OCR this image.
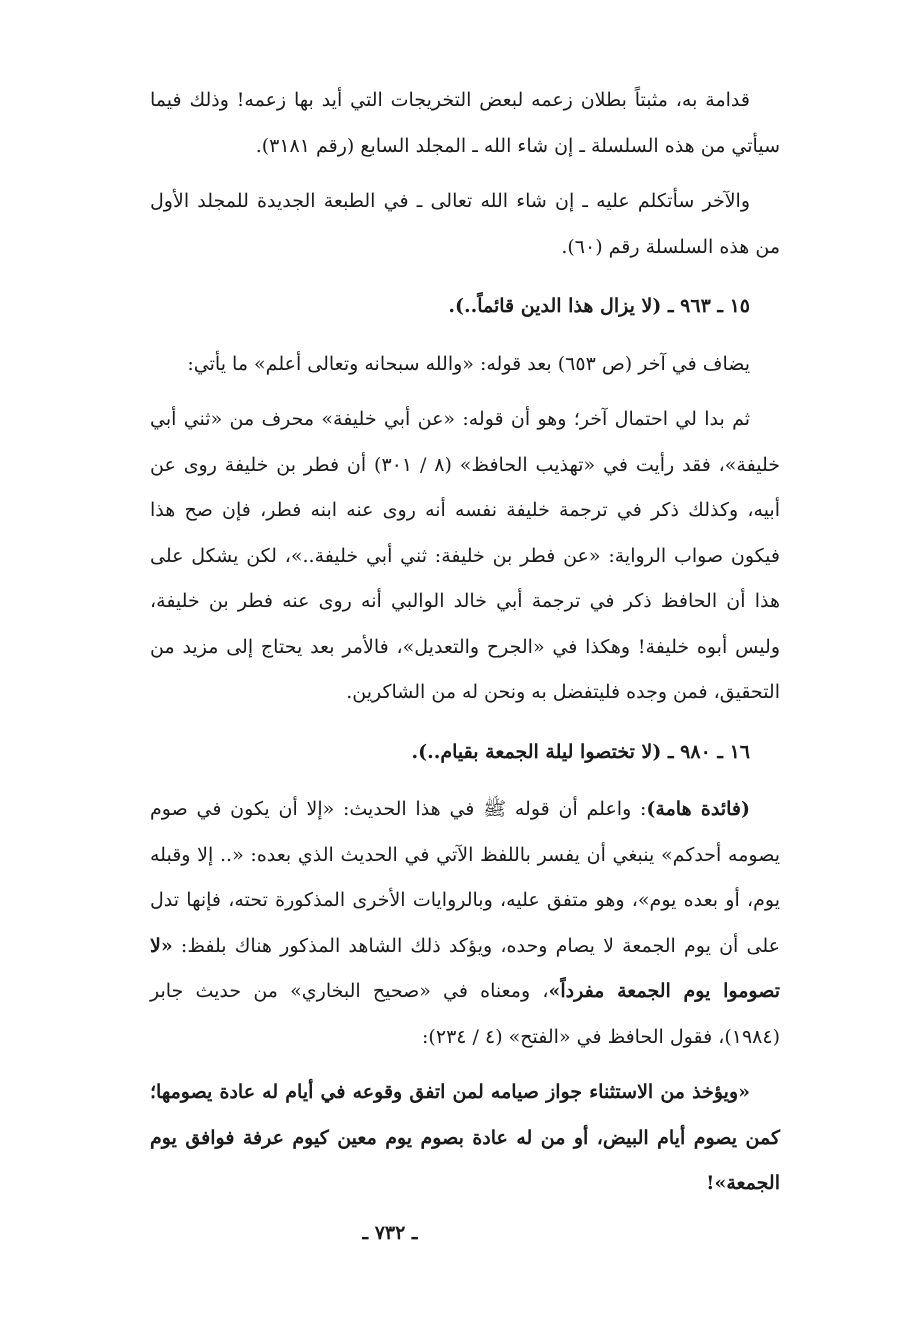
قدامة به، مثبتاً بطلان زعمه لبعض التخريجات التي أيد بها زعمه! وذلك فيما سيأتي من هذه السلسلة ـ إن شاء الله ـ المجلد السابع (رقم ٣١٨١).

والآخر سأتكلم عليه ـ إن شاء الله تعالى ـ في الطبعة الجديدة للمجلد الأول من هذه السلسلة رقم (٦٠).

١٥ ـ ٩٦٣ ـ (لا يزال هذا الدين قائماً..).

يضاف في آخر (ص ٦٥٣) بعد قوله: «والله سبحانه وتعالى أعلم» ما يأتي:

ثم بدا لي احتمال آخر؛ وهو أن قوله: «عن أبي خليفة» محرف من «ثني أبي خليفة»، فقد رأيت في «تهذيب الحافظ» (٨ / ٣٠١) أن فطر بن خليفة روى عن أبيه، وكذلك ذكر في ترجمة خليفة نفسه أنه روى عنه ابنه فطر، فإن صح هذا فيكون صواب الرواية: «عن فطر بن خليفة: ثني أبي خليفة..»، لكن يشكل على هذا أن الحافظ ذكر في ترجمة أبي خالد الوالبي أنه روى عنه فطر بن خليفة، وليس أبوه خليفة! وهكذا في «الجرح والتعديل»، فالأمر بعد يحتاج إلى مزيد من التحقيق، فمن وجده فليتفضل به ونحن له من الشاكرين.

١٦ ـ ٩٨٠ ـ (لا تختصوا ليلة الجمعة بقيام..).

(فائدة هامة): واعلم أن قوله ﷺ في هذا الحديث: «إلا أن يكون في صوم يصومه أحدكم» ينبغي أن يفسر باللفظ الآتي في الحديث الذي بعده: «.. إلا وقبله يوم، أو بعده يوم»، وهو متفق عليه، وبالروايات الأخرى المذكورة تحته، فإنها تدل على أن يوم الجمعة لا يصام وحده، ويؤكد ذلك الشاهد المذكور هناك بلفظ: «لا تصوموا يوم الجمعة مفرداً»، ومعناه في «صحيح البخاري» من حديث جابر (١٩٨٤)، فقول الحافظ في «الفتح» (٤ / ٢٣٤):

«ويؤخذ من الاستثناء جواز صيامه لمن اتفق وقوعه في أيام له عادة يصومها؛ كمن يصوم أيام البيض، أو من له عادة بصوم يوم معين كيوم عرفة فوافق يوم الجمعة»!

ـ ٧٣٢ ـ
